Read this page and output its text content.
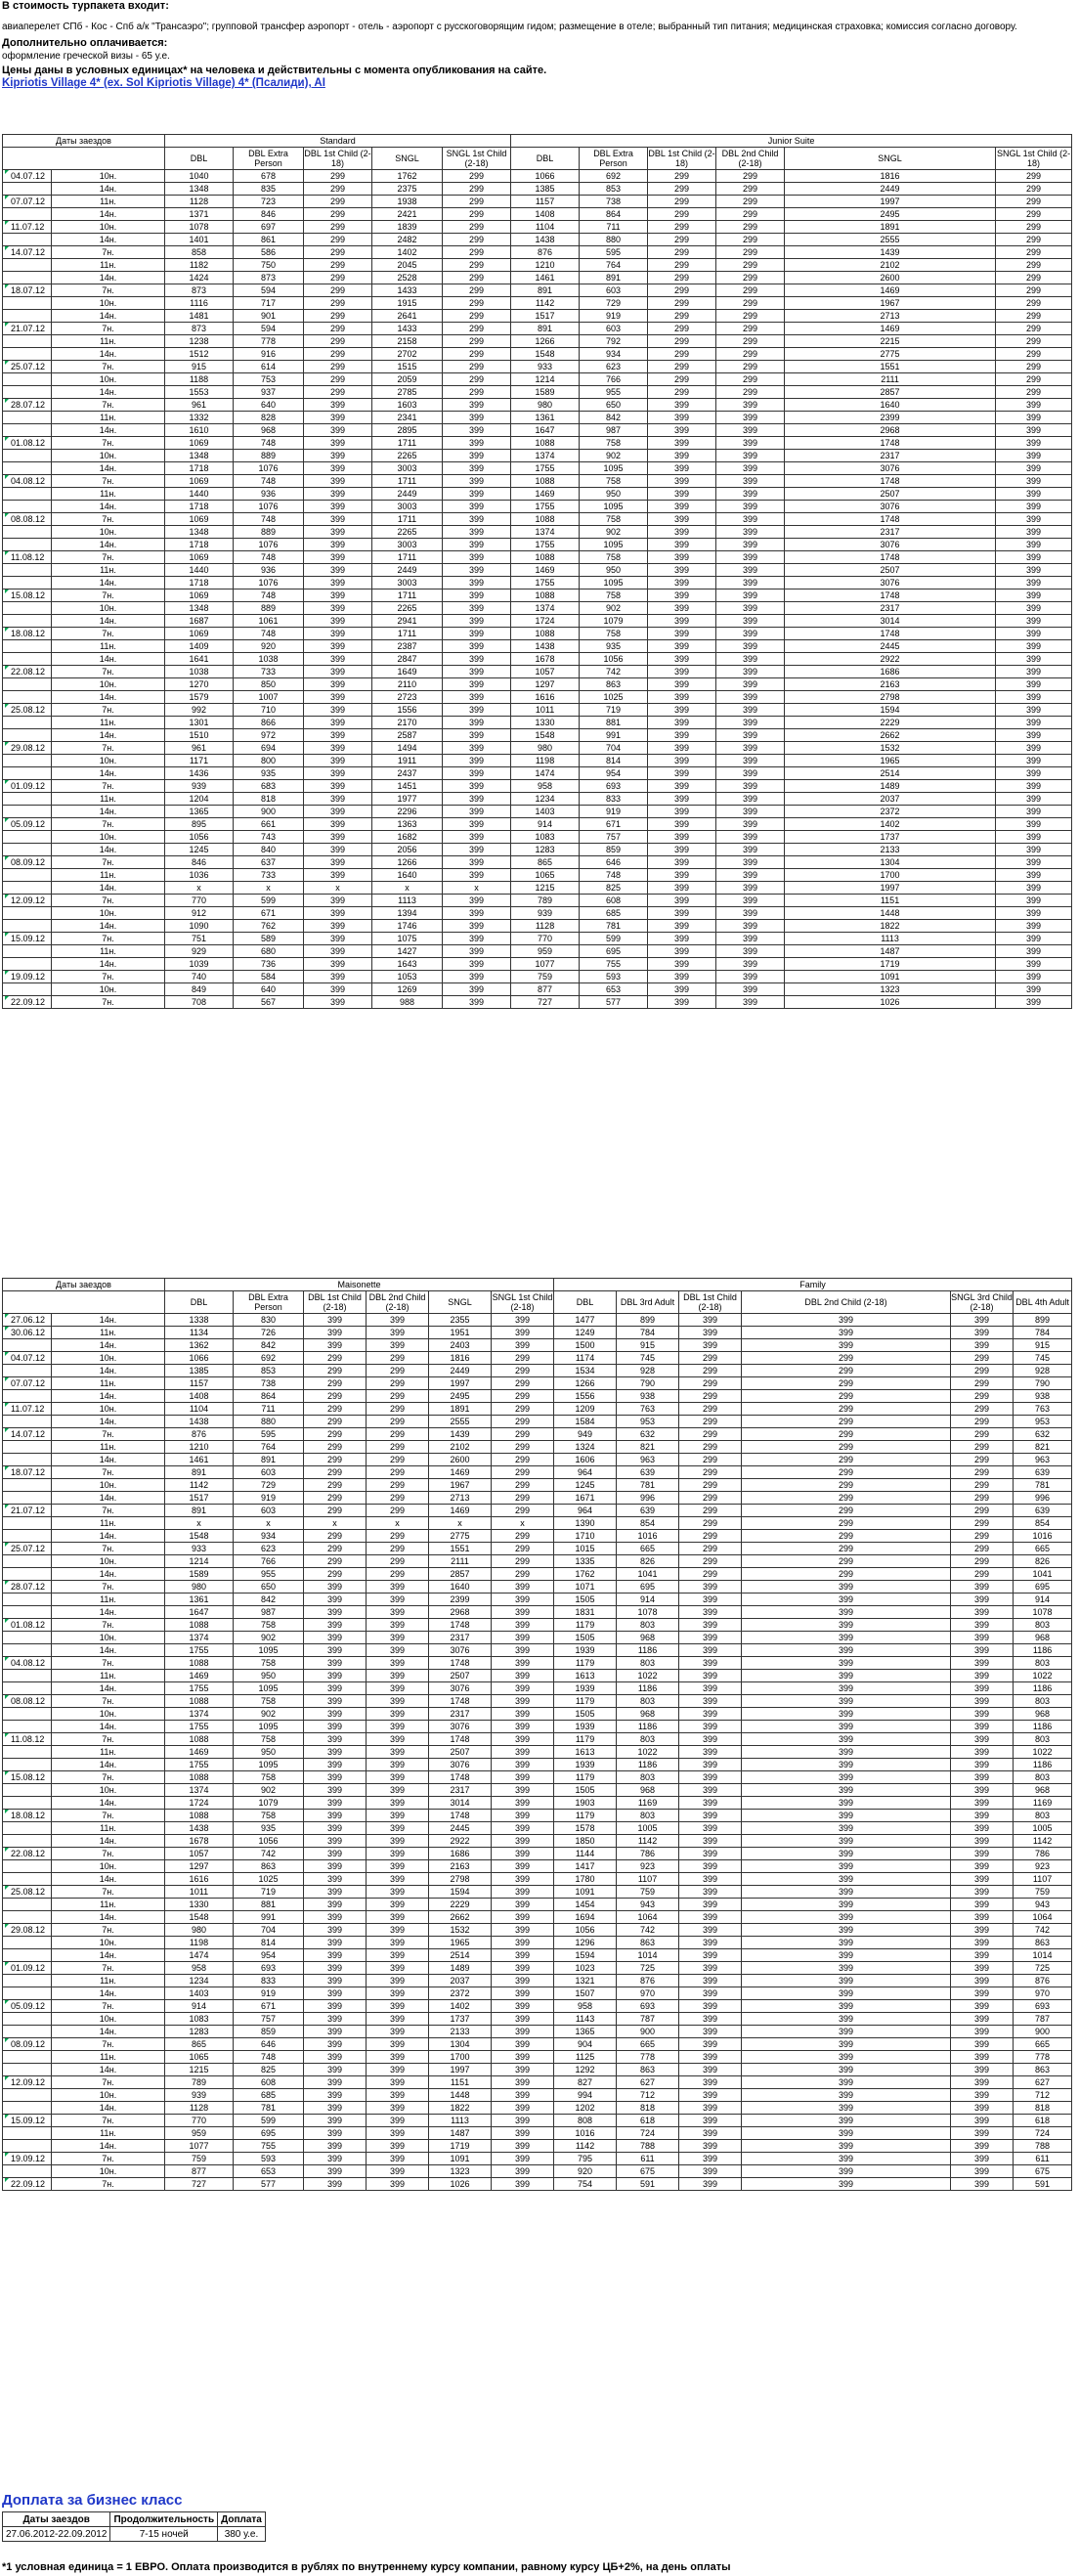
В стоимость турпакета входит:
авиаперелет СПб - Кос - Спб а/к "Трансаэро"; групповой трансфер аэропорт - отель - аэропорт с русскоговорящим гидом; размещение в отеле; выбранный тип питания; медицинская страховка; комиссия согласно договору.
Дополнительно оплачивается:
оформление греческой визы - 65 у.е.
Цены даны в условных единицах* на человека и действительны с момента опубликования на сайте.
Kipriotis Village 4* (ex. Sol Kipriotis Village) 4* (Псалиди), AI
Даты заездов		Standard					Junior Suite					
		DBL	DBL Extra Person	DBL 1st Child (2-18)	SNGL	SNGL 1st Child (2-18)	DBL	DBL Extra Person	DBL 1st Child (2-18)	DBL 2nd Child (2-18)	SNGL	SNGL 1st Child (2-18)
04.07.12	10н.	1040	678	299	1762	299	1066	692	299	299	1816	299
	14н.	1348	835	299	2375	299	1385	853	299	299	2449	299
07.07.12	11н.	1128	723	299	1938	299	1157	738	299	299	1997	299
	14н.	1371	846	299	2421	299	1408	864	299	299	2495	299
11.07.12	10н.	1078	697	299	1839	299	1104	711	299	299	1891	299
	14н.	1401	861	299	2482	299	1438	880	299	299	2555	299
14.07.12	7н.	858	586	299	1402	299	876	595	299	299	1439	299
	11н.	1182	750	299	2045	299	1210	764	299	299	2102	299
	14н.	1424	873	299	2528	299	1461	891	299	299	2600	299
18.07.12	7н.	873	594	299	1433	299	891	603	299	299	1469	299
	10н.	1116	717	299	1915	299	1142	729	299	299	1967	299
	14н.	1481	901	299	2641	299	1517	919	299	299	2713	299
21.07.12	7н.	873	594	299	1433	299	891	603	299	299	1469	299
	11н.	1238	778	299	2158	299	1266	792	299	299	2215	299
	14н.	1512	916	299	2702	299	1548	934	299	299	2775	299
25.07.12	7н.	915	614	299	1515	299	933	623	299	299	1551	299
	10н.	1188	753	299	2059	299	1214	766	299	299	2111	299
	14н.	1553	937	299	2785	299	1589	955	299	299	2857	299
28.07.12	7н.	961	640	399	1603	399	980	650	399	399	1640	399
	11н.	1332	828	399	2341	399	1361	842	399	399	2399	399
	14н.	1610	968	399	2895	399	1647	987	399	399	2968	399
01.08.12	7н.	1069	748	399	1711	399	1088	758	399	399	1748	399
	10н.	1348	889	399	2265	399	1374	902	399	399	2317	399
	14н.	1718	1076	399	3003	399	1755	1095	399	399	3076	399
04.08.12	7н.	1069	748	399	1711	399	1088	758	399	399	1748	399
	11н.	1440	936	399	2449	399	1469	950	399	399	2507	399
	14н.	1718	1076	399	3003	399	1755	1095	399	399	3076	399
08.08.12	7н.	1069	748	399	1711	399	1088	758	399	399	1748	399
	10н.	1348	889	399	2265	399	1374	902	399	399	2317	399
	14н.	1718	1076	399	3003	399	1755	1095	399	399	3076	399
11.08.12	7н.	1069	748	399	1711	399	1088	758	399	399	1748	399
	11н.	1440	936	399	2449	399	1469	950	399	399	2507	399
	14н.	1718	1076	399	3003	399	1755	1095	399	399	3076	399
15.08.12	7н.	1069	748	399	1711	399	1088	758	399	399	1748	399
	10н.	1348	889	399	2265	399	1374	902	399	399	2317	399
	14н.	1687	1061	399	2941	399	1724	1079	399	399	3014	399
18.08.12	7н.	1069	748	399	1711	399	1088	758	399	399	1748	399
	11н.	1409	920	399	2387	399	1438	935	399	399	2445	399
	14н.	1641	1038	399	2847	399	1678	1056	399	399	2922	399
22.08.12	7н.	1038	733	399	1649	399	1057	742	399	399	1686	399
	10н.	1270	850	399	2110	399	1297	863	399	399	2163	399
	14н.	1579	1007	399	2723	399	1616	1025	399	399	2798	399
25.08.12	7н.	992	710	399	1556	399	1011	719	399	399	1594	399
	11н.	1301	866	399	2170	399	1330	881	399	399	2229	399
	14н.	1510	972	399	2587	399	1548	991	399	399	2662	399
29.08.12	7н.	961	694	399	1494	399	980	704	399	399	1532	399
	10н.	1171	800	399	1911	399	1198	814	399	399	1965	399
	14н.	1436	935	399	2437	399	1474	954	399	399	2514	399
01.09.12	7н.	939	683	399	1451	399	958	693	399	399	1489	399
	11н.	1204	818	399	1977	399	1234	833	399	399	2037	399
	14н.	1365	900	399	2296	399	1403	919	399	399	2372	399
05.09.12	7н.	895	661	399	1363	399	914	671	399	399	1402	399
	10н.	1056	743	399	1682	399	1083	757	399	399	1737	399
	14н.	1245	840	399	2056	399	1283	859	399	399	2133	399
08.09.12	7н.	846	637	399	1266	399	865	646	399	399	1304	399
	11н.	1036	733	399	1640	399	1065	748	399	399	1700	399
	14н.	x	x	x	x	x	1215	825	399	399	1997	399
12.09.12	7н.	770	599	399	1113	399	789	608	399	399	1151	399
	10н.	912	671	399	1394	399	939	685	399	399	1448	399
	14н.	1090	762	399	1746	399	1128	781	399	399	1822	399
15.09.12	7н.	751	589	399	1075	399	770	599	399	399	1113	399
	11н.	929	680	399	1427	399	959	695	399	399	1487	399
	14н.	1039	736	399	1643	399	1077	755	399	399	1719	399
19.09.12	7н.	740	584	399	1053	399	759	593	399	399	1091	399
	10н.	849	640	399	1269	399	877	653	399	399	1323	399
22.09.12	7н.	708	567	399	988	399	727	577	399	399	1026	399
Даты заездов		Maisonette						Family					
		DBL	DBL Extra Person	DBL 1st Child (2-18)	DBL 2nd Child (2-18)	SNGL	SNGL 1st Child (2-18)	DBL	DBL 3rd Adult	DBL 1st Child (2-18)	DBL 2nd Child (2-18)	SNGL 3rd Child (2-18)	DBL 4th Adult
27.06.12	14н.	1338	830	399	399	2355	399	1477	899	399	399	399	899
30.06.12	11н.	1134	726	399	399	1951	399	1249	784	399	399	399	784
	14н.	1362	842	399	399	2403	399	1500	915	399	399	399	915
04.07.12	10н.	1066	692	299	299	1816	299	1174	745	299	299	299	745
	14н.	1385	853	299	299	2449	299	1534	928	299	299	299	928
07.07.12	11н.	1157	738	299	299	1997	299	1266	790	299	299	299	790
	14н.	1408	864	299	299	2495	299	1556	938	299	299	299	938
11.07.12	10н.	1104	711	299	299	1891	299	1209	763	299	299	299	763
	14н.	1438	880	299	299	2555	299	1584	953	299	299	299	953
14.07.12	7н.	876	595	299	299	1439	299	949	632	299	299	299	632
	11н.	1210	764	299	299	2102	299	1324	821	299	299	299	821
	14н.	1461	891	299	299	2600	299	1606	963	299	299	299	963
18.07.12	7н.	891	603	299	299	1469	299	964	639	299	299	299	639
	10н.	1142	729	299	299	1967	299	1245	781	299	299	299	781
	14н.	1517	919	299	299	2713	299	1671	996	299	299	299	996
21.07.12	7н.	891	603	299	299	1469	299	964	639	299	299	299	639
	11н.	x	x	x	x	x	x	1390	854	299	299	299	854
	14н.	1548	934	299	299	2775	299	1710	1016	299	299	299	1016
25.07.12	7н.	933	623	299	299	1551	299	1015	665	299	299	299	665
	10н.	1214	766	299	299	2111	299	1335	826	299	299	299	826
	14н.	1589	955	299	299	2857	299	1762	1041	299	299	299	1041
28.07.12	7н.	980	650	399	399	1640	399	1071	695	399	399	399	695
	11н.	1361	842	399	399	2399	399	1505	914	399	399	399	914
	14н.	1647	987	399	399	2968	399	1831	1078	399	399	399	1078
01.08.12	7н.	1088	758	399	399	1748	399	1179	803	399	399	399	803
	10н.	1374	902	399	399	2317	399	1505	968	399	399	399	968
	14н.	1755	1095	399	399	3076	399	1939	1186	399	399	399	1186
04.08.12	7н.	1088	758	399	399	1748	399	1179	803	399	399	399	803
	11н.	1469	950	399	399	2507	399	1613	1022	399	399	399	1022
	14н.	1755	1095	399	399	3076	399	1939	1186	399	399	399	1186
08.08.12	7н.	1088	758	399	399	1748	399	1179	803	399	399	399	803
	10н.	1374	902	399	399	2317	399	1505	968	399	399	399	968
	14н.	1755	1095	399	399	3076	399	1939	1186	399	399	399	1186
11.08.12	7н.	1088	758	399	399	1748	399	1179	803	399	399	399	803
	11н.	1469	950	399	399	2507	399	1613	1022	399	399	399	1022
	14н.	1755	1095	399	399	3076	399	1939	1186	399	399	399	1186
15.08.12	7н.	1088	758	399	399	1748	399	1179	803	399	399	399	803
	10н.	1374	902	399	399	2317	399	1505	968	399	399	399	968
	14н.	1724	1079	399	399	3014	399	1903	1169	399	399	399	1169
18.08.12	7н.	1088	758	399	399	1748	399	1179	803	399	399	399	803
	11н.	1438	935	399	399	2445	399	1578	1005	399	399	399	1005
	14н.	1678	1056	399	399	2922	399	1850	1142	399	399	399	1142
22.08.12	7н.	1057	742	399	399	1686	399	1144	786	399	399	399	786
	10н.	1297	863	399	399	2163	399	1417	923	399	399	399	923
	14н.	1616	1025	399	399	2798	399	1780	1107	399	399	399	1107
25.08.12	7н.	1011	719	399	399	1594	399	1091	759	399	399	399	759
	11н.	1330	881	399	399	2229	399	1454	943	399	399	399	943
	14н.	1548	991	399	399	2662	399	1694	1064	399	399	399	1064
29.08.12	7н.	980	704	399	399	1532	399	1056	742	399	399	399	742
	10н.	1198	814	399	399	1965	399	1296	863	399	399	399	863
	14н.	1474	954	399	399	2514	399	1594	1014	399	399	399	1014
01.09.12	7н.	958	693	399	399	1489	399	1023	725	399	399	399	725
	11н.	1234	833	399	399	2037	399	1321	876	399	399	399	876
	14н.	1403	919	399	399	2372	399	1507	970	399	399	399	970
05.09.12	7н.	914	671	399	399	1402	399	958	693	399	399	399	693
	10н.	1083	757	399	399	1737	399	1143	787	399	399	399	787
	14н.	1283	859	399	399	2133	399	1365	900	399	399	399	900
08.09.12	7н.	865	646	399	399	1304	399	904	665	399	399	399	665
	11н.	1065	748	399	399	1700	399	1125	778	399	399	399	778
	14н.	1215	825	399	399	1997	399	1292	863	399	399	399	863
12.09.12	7н.	789	608	399	399	1151	399	827	627	399	399	399	627
	10н.	939	685	399	399	1448	399	994	712	399	399	399	712
	14н.	1128	781	399	399	1822	399	1202	818	399	399	399	818
15.09.12	7н.	770	599	399	399	1113	399	808	618	399	399	399	618
	11н.	959	695	399	399	1487	399	1016	724	399	399	399	724
	14н.	1077	755	399	399	1719	399	1142	788	399	399	399	788
19.09.12	7н.	759	593	399	399	1091	399	795	611	399	399	399	611
	10н.	877	653	399	399	1323	399	920	675	399	399	399	675
22.09.12	7н.	727	577	399	399	1026	399	754	591	399	399	399	591
Доплата за бизнес класс
Даты заездов	Продолжительность	Доплата
27.06.2012-22.09.2012	7-15 ночей	380 у.е.
*1 условная единица = 1 ЕВРО. Оплата производится в рублях по внутреннему курсу компании, равному курсу ЦБ+2%, на день оплаты
